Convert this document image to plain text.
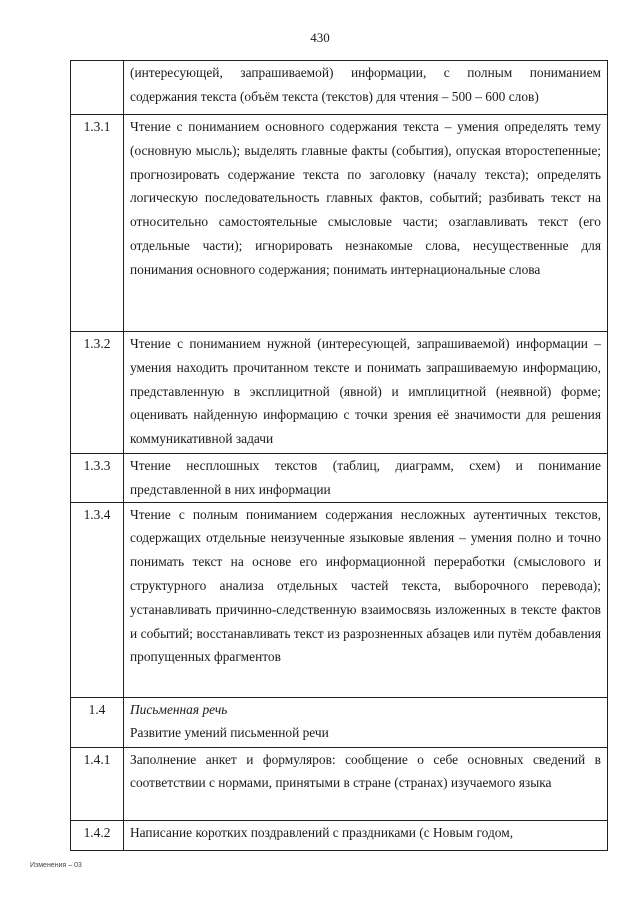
430
	(интересующей, запрашиваемой) информации, с полным пониманием содержания текста (объём текста (текстов) для чтения – 500 – 600 слов)
1.3.1	Чтение с пониманием основного содержания текста – умения определять тему (основную мысль); выделять главные факты (события), опуская второстепенные; прогнозировать содержание текста по заголовку (началу текста); определять логическую последовательность главных фактов, событий; разбивать текст на относительно самостоятельные смысловые части; озаглавливать текст (его отдельные части); игнорировать незнакомые слова, несущественные для понимания основного содержания; понимать интернациональные слова
1.3.2	Чтение с пониманием нужной (интересующей, запрашиваемой) информации – умения находить прочитанном тексте и понимать запрашиваемую информацию, представленную в эксплицитной (явной) и имплицитной (неявной) форме; оценивать найденную информацию с точки зрения её значимости для решения коммуникативной задачи
1.3.3	Чтение несплошных текстов (таблиц, диаграмм, схем) и понимание представленной в них информации
1.3.4	Чтение с полным пониманием содержания несложных аутентичных текстов, содержащих отдельные неизученные языковые явления – умения полно и точно понимать текст на основе его информационной переработки (смыслового и структурного анализа отдельных частей текста, выборочного перевода); устанавливать причинно-следственную взаимосвязь изложенных в тексте фактов и событий; восстанавливать текст из разрозненных абзацев или путём добавления пропущенных фрагментов
1.4	Письменная речь
Развитие умений письменной речи

1.4.1	Заполнение анкет и формуляров: сообщение о себе основных сведений в соответствии с нормами, принятыми в стране (странах) изучаемого языка
1.4.2	Написание коротких поздравлений с праздниками (с Новым годом,
Изменения – 03
